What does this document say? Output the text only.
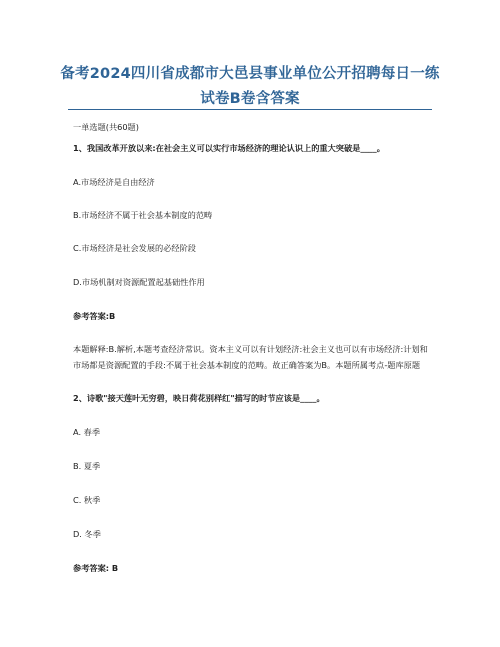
备考2024四川省成都市大邑县事业单位公开招聘每日一练
试卷B卷含答案
一单选题(共60题)
1、我国改革开放以来:在社会主义可以实行市场经济的理论认识上的重大突破是____。
A.市场经济是自由经济
B.市场经济不属于社会基本制度的范畴
C.市场经济是社会发展的必经阶段
D.市场机制对资源配置起基础性作用
参考答案:B
本题解释:B.解析,本题考查经济常识。资本主义可以有计划经济:社会主义也可以有市场经济:计划和市场都是资源配置的手段:不属于社会基本制度的范畴。故正确答案为B。本题所属考点-题库原题
2、诗歌"接天莲叶无穷碧，映日荷花别样红"描写的时节应该是____。
A. 春季
B. 夏季
C. 秋季
D. 冬季
参考答案: B
